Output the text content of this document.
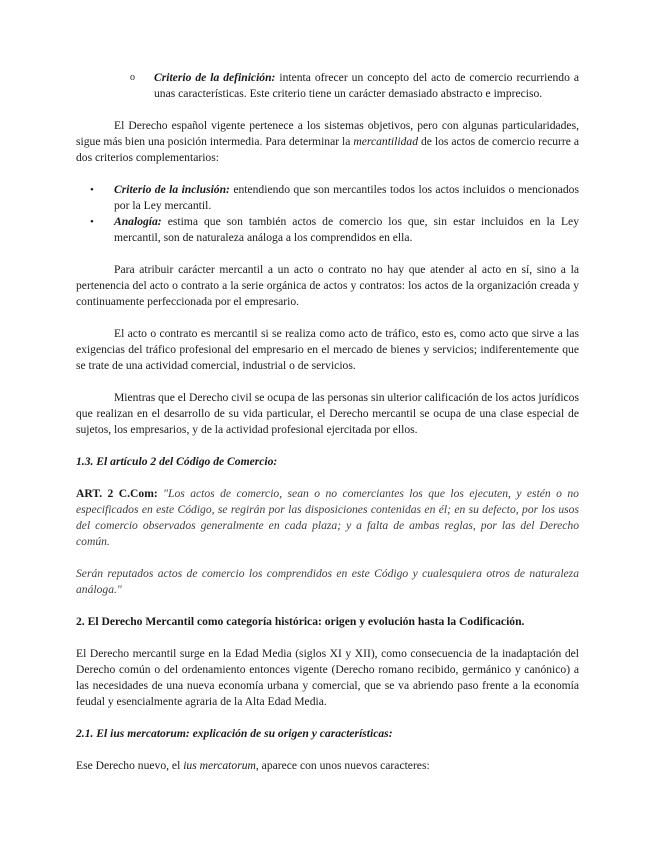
o Criterio de la definición: intenta ofrecer un concepto del acto de comercio recurriendo a unas características. Este criterio tiene un carácter demasiado abstracto e impreciso.

El Derecho español vigente pertenece a los sistemas objetivos, pero con algunas particularidades, sigue más bien una posición intermedia. Para determinar la mercantilidad de los actos de comercio recurre a dos criterios complementarios:

• Criterio de la inclusión: entendiendo que son mercantiles todos los actos incluidos o mencionados por la Ley mercantil.
• Analogía: estima que son también actos de comercio los que, sin estar incluidos en la Ley mercantil, son de naturaleza análoga a los comprendidos en ella.

Para atribuir carácter mercantil a un acto o contrato no hay que atender al acto en sí, sino a la pertenencia del acto o contrato a la serie orgánica de actos y contratos: los actos de la organización creada y continuamente perfeccionada por el empresario.

El acto o contrato es mercantil si se realiza como acto de tráfico, esto es, como acto que sirve a las exigencias del tráfico profesional del empresario en el mercado de bienes y servicios; indiferentemente que se trate de una actividad comercial, industrial o de servicios.

Mientras que el Derecho civil se ocupa de las personas sin ulterior calificación de los actos jurídicos que realizan en el desarrollo de su vida particular, el Derecho mercantil se ocupa de una clase especial de sujetos, los empresarios, y de la actividad profesional ejercitada por ellos.

1.3. El artículo 2 del Código de Comercio:

ART. 2 C.Com: "Los actos de comercio, sean o no comerciantes los que los ejecuten, y estén o no especificados en este Código, se regirán por las disposiciones contenidas en él; en su defecto, por los usos del comercio observados generalmente en cada plaza; y a falta de ambas reglas, por las del Derecho común.

Serán reputados actos de comercio los comprendidos en este Código y cualesquiera otros de naturaleza análoga."

2. El Derecho Mercantil como categoría histórica: origen y evolución hasta la Codificación.

El Derecho mercantil surge en la Edad Media (siglos XI y XII), como consecuencia de la inadaptación del Derecho común o del ordenamiento entonces vigente (Derecho romano recibido, germánico y canónico) a las necesidades de una nueva economía urbana y comercial, que se va abriendo paso frente a la economía feudal y esencialmente agraria de la Alta Edad Media.

2.1. El ius mercatorum: explicación de su origen y características:

Ese Derecho nuevo, el ius mercatorum, aparece con unos nuevos caracteres:
